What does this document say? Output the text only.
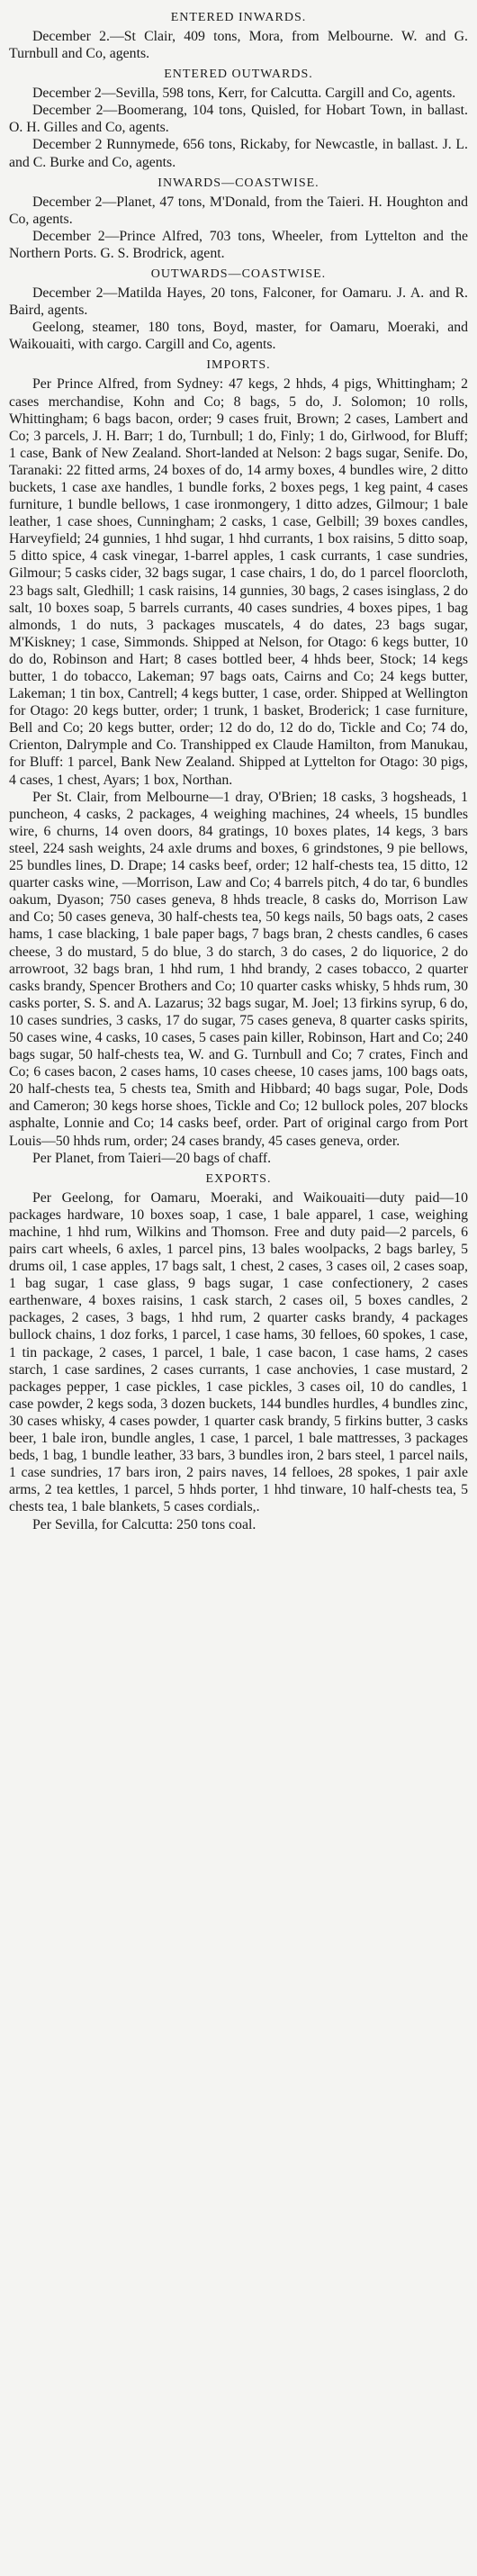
ENTERED INWARDS.

December 2.—St Clair, 409 tons, Mora, from Melbourne. W. and G. Turnbull and Co, agents.

ENTERED OUTWARDS.

December 2—Sevilla, 598 tons, Kerr, for Calcutta. Cargill and Co, agents.

December 2—Boomerang, 104 tons, Quisled, for Hobart Town, in ballast. O. H. Gilles and Co, agents.

December 2 Runnymede, 656 tons, Rickaby, for Newcastle, in ballast. J. L. and C. Burke and Co, agents.

INWARDS—COASTWISE.

December 2—Planet, 47 tons, M'Donald, from the Taieri. H. Houghton and Co, agents.

December 2—Prince Alfred, 703 tons, Wheeler, from Lyttelton and the Northern Ports. G. S. Brodrick, agent.

OUTWARDS—COASTWISE.

December 2—Matilda Hayes, 20 tons, Falconer, for Oamaru. J. A. and R. Baird, agents.

Geelong, steamer, 180 tons, Boyd, master, for Oamaru, Moeraki, and Waikouaiti, with cargo. Cargill and Co, agents.

IMPORTS.

Per Prince Alfred, from Sydney: 47 kegs, 2 hhds, 4 pigs, Whittingham; 2 cases merchandise, Kohn and Co; 8 bags, 5 do, J. Solomon; 10 rolls, Whittingham; 6 bags bacon, order; 9 cases fruit, Brown; 2 cases, Lambert and Co; 3 parcels, J. H. Barr; 1 do, Turnbull; 1 do, Finly; 1 do, Girlwood, for Bluff; 1 case, Bank of New Zealand. Short-landed at Nelson: 2 bags sugar, Senife. Do, Taranaki: 22 fitted arms, 24 boxes of do, 14 army boxes, 4 bundles wire, 2 ditto buckets, 1 case axe handles, 1 bundle forks, 2 boxes pegs, 1 keg paint, 4 cases furniture, 1 bundle bellows, 1 case ironmongery, 1 ditto adzes, Gilmour; 1 bale leather, 1 case shoes, Cunningham; 2 casks, 1 case, Gelbill; 39 boxes candles, Harveyfield; 24 gunnies, 1 hhd sugar, 1 hhd currants, 1 box raisins, 5 ditto soap, 5 ditto spice, 4 cask vinegar, 1-barrel apples, 1 cask currants, 1 case sundries, Gilmour; 5 casks cider, 32 bags sugar, 1 case chairs, 1 do, do 1 parcel floorcloth, 23 bags salt, Gledhill; 1 cask raisins, 14 gunnies, 30 bags, 2 cases isinglass, 2 do salt, 10 boxes soap, 5 barrels currants, 40 cases sundries, 4 boxes pipes, 1 bag almonds, 1 do nuts, 3 packages muscatels, 4 do dates, 23 bags sugar, M'Kiskney; 1 case, Simmonds. Shipped at Nelson, for Otago: 6 kegs butter, 10 do do, Robinson and Hart; 8 cases bottled beer, 4 hhds beer, Stock; 14 kegs butter, 1 do tobacco, Lakeman; 97 bags oats, Cairns and Co; 24 kegs butter, Lakeman; 1 tin box, Cantrell; 4 kegs butter, 1 case, order. Shipped at Wellington for Otago: 20 kegs butter, order; 1 trunk, 1 basket, Broderick; 1 case furniture, Bell and Co; 20 kegs butter, order; 12 do do, 12 do do, Tickle and Co; 74 do, Crienton, Dalrymple and Co. Transhipped ex Claude Hamilton, from Manukau, for Bluff: 1 parcel, Bank New Zealand. Shipped at Lyttelton for Otago: 30 pigs, 4 cases, 1 chest, Ayars; 1 box, Northan.

Per St. Clair, from Melbourne—1 dray, O'Brien; 18 casks, 3 hogsheads, 1 puncheon, 4 casks, 2 packages, 4 weighing machines, 24 wheels, 15 bundles wire, 6 churns, 14 oven doors, 84 gratings, 10 boxes plates, 14 kegs, 3 bars steel, 224 sash weights, 24 axle drums and boxes, 6 grindstones, 9 pie bellows, 25 bundles lines, D. Drape; 14 casks beef, order; 12 half-chests tea, 15 ditto, 12 quarter casks wine, —Morrison, Law and Co; 4 barrels pitch, 4 do tar, 6 bundles oakum, Dyason; 750 cases geneva, 8 hhds treacle, 8 casks do, Morrison Law and Co; 50 cases geneva, 30 half-chests tea, 50 kegs nails, 50 bags oats, 2 cases hams, 1 case blacking, 1 bale paper bags, 7 bags bran, 2 chests candles, 6 cases cheese, 3 do mustard, 5 do blue, 3 do starch, 3 do cases, 2 do liquorice, 2 do arrowroot, 32 bags bran, 1 hhd rum, 1 hhd brandy, 2 cases tobacco, 2 quarter casks brandy, Spencer Brothers and Co; 10 quarter casks whisky, 5 hhds rum, 30 casks porter, S. S. and A. Lazarus; 32 bags sugar, M. Joel; 13 firkins syrup, 6 do, 10 cases sundries, 3 casks, 17 do sugar, 75 cases geneva, 8 quarter casks spirits, 50 cases wine, 4 casks, 10 cases, 5 cases pain killer, Robinson, Hart and Co; 240 bags sugar, 50 half-chests tea, W. and G. Turnbull and Co; 7 crates, Finch and Co; 6 cases bacon, 2 cases hams, 10 cases cheese, 10 cases jams, 100 bags oats, 20 half-chests tea, 5 chests tea, Smith and Hibbard; 40 bags sugar, Pole, Dods and Cameron; 30 kegs horse shoes, Tickle and Co; 12 bullock poles, 207 blocks asphalte, Lonnie and Co; 14 casks beef, order. Part of original cargo from Port Louis—50 hhds rum, order; 24 cases brandy, 45 cases geneva, order.

Per Planet, from Taieri—20 bags of chaff.

EXPORTS.

Per Geelong, for Oamaru, Moeraki, and Waikouaiti—duty paid—10 packages hardware, 10 boxes soap, 1 case, 1 bale apparel, 1 case, weighing machine, 1 hhd rum, Wilkins and Thomson. Free and duty paid—2 parcels, 6 pairs cart wheels, 6 axles, 1 parcel pins, 13 bales woolpacks, 2 bags barley, 5 drums oil, 1 case apples, 17 bags salt, 1 chest, 2 cases, 3 cases oil, 2 cases soap, 1 bag sugar, 1 case glass, 9 bags sugar, 1 case confectionery, 2 cases earthenware, 4 boxes raisins, 1 cask starch, 2 cases oil, 5 boxes candles, 2 packages, 2 cases, 3 bags, 1 hhd rum, 2 quarter casks brandy, 4 packages bullock chains, 1 doz forks, 1 parcel, 1 case hams, 30 felloes, 60 spokes, 1 case, 1 tin package, 2 cases, 1 parcel, 1 bale, 1 case bacon, 1 case hams, 2 cases starch, 1 case sardines, 2 cases currants, 1 case anchovies, 1 case mustard, 2 packages pepper, 1 case pickles, 1 case pickles, 3 cases oil, 10 do candles, 1 case powder, 2 kegs soda, 3 dozen buckets, 144 bundles hurdles, 4 bundles zinc, 30 cases whisky, 4 cases powder, 1 quarter cask brandy, 5 firkins butter, 3 casks beer, 1 bale iron, bundle angles, 1 case, 1 parcel, 1 bale mattresses, 3 packages beds, 1 bag, 1 bundle leather, 33 bars, 3 bundles iron, 2 bars steel, 1 parcel nails, 1 case sundries, 17 bars iron, 2 pairs naves, 14 felloes, 28 spokes, 1 pair axle arms, 2 tea kettles, 1 parcel, 5 hhds porter, 1 hhd tinware, 10 half-chests tea, 5 chests tea, 1 bale blankets, 5 cases cordials,.

Per Sevilla, for Calcutta: 250 tons coal.
